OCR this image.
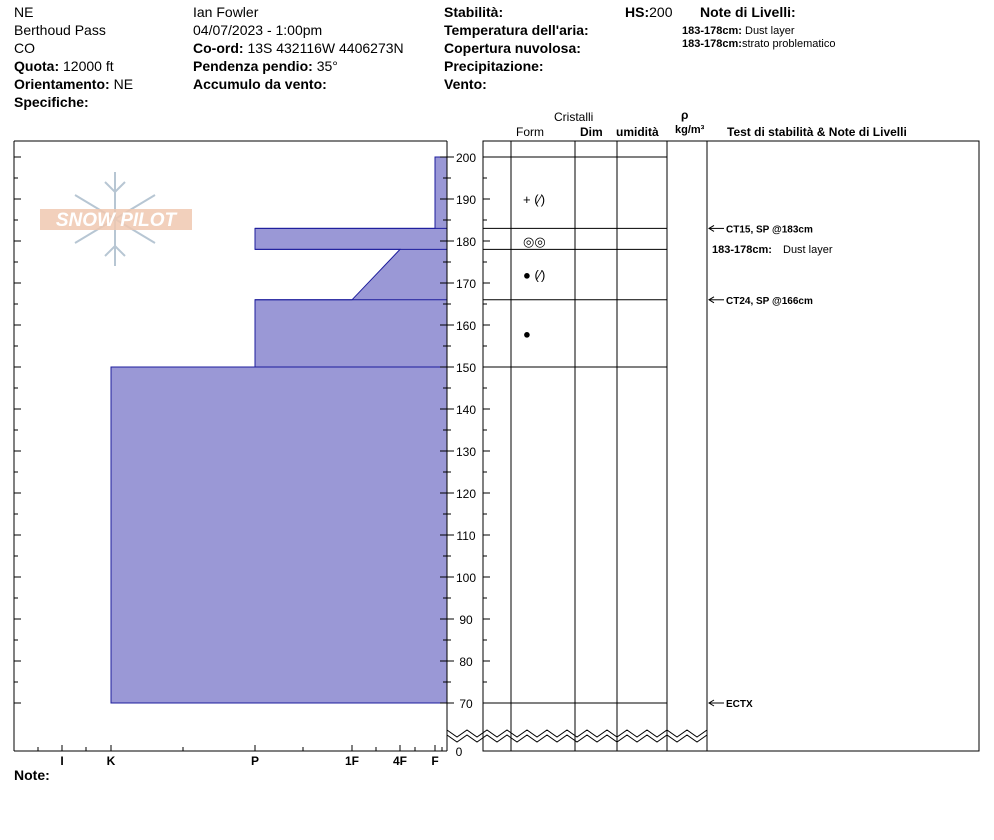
NE
Berthoud Pass
CO
Quota: 12000 ft
Orientamento: NE
Specifiche:
Ian Fowler
04/07/2023 - 1:00pm
Co-ord: 13S 432116W 4406273N
Pendenza pendio: 35°
Accumulo da vento:
Stabilità:
Temperatura dell'aria:
Copertura nuvolosa:
Precipitazione:
Vento:
HS:200 Note di Livelli:
183-178cm: Dust layer
183-178cm:strato problematico
Cristalli
Form	Dim umidità
ρ
kg/m³ Test di stabilità & Note di Livelli
Note:
SNOW PILOT
200
190
180
170
160
150
140
130
120
110
100
90
80
70
0
I	K	P	1F	4F F
+ (⁄)
◎◎
● (⁄)
●
CT15, SP @183cm
CT24, SP @166cm
ECTX
183-178cm: Dust layer
